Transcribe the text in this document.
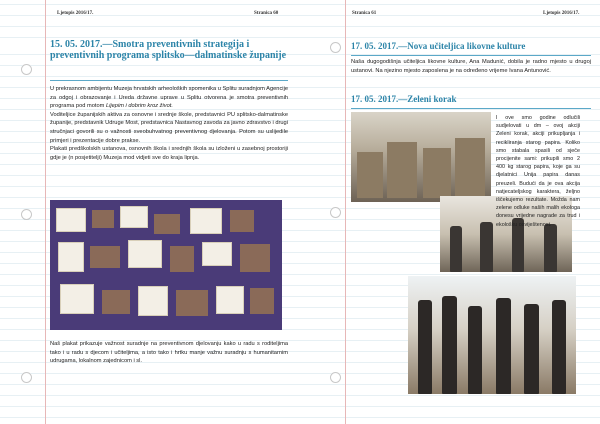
Ljetopis 2016/17.	Stranica 60
15. 05. 2017.—Smotra preventivnih strategija i preventivnih programa splitsko—dalmatinske županije

U prekrasnom ambijentu Muzeja hrvatskih arheoloških spomenika u Splitu suradnjom Agencije za odgoj i obrazovanje i Ureda državne uprave u Splitu otvorena je smotra preventivnih programa pod motom Lijepim i dobrim kroz život.

Voditeljice županijskih aktiva za osnovne i srednje škole, predstavnici PU splitsko-dalmatinske županije, predstavnik Udruge Most, predstavnica Nastavnog zavoda za javno zdravstvo i drugi stručnjaci govorili su o važnosti sveobuhvatnog preventivnog djelovanja. Potom su uslijedile primjeri i prezentacije dobre prakse.

Plakati predškolskih ustanova, osnovnih škola i srednjih škola su izloženi u zasebnoj prostoriji gdje je (n posjetitelji) Muzeja mod vidjeti sve do kraja lipnja.

Naš plakat prikazuje važnost suradnje na preventivnom djelovanju kako u radu s roditeljima tako i u radu s djecom i učiteljima, a isto tako i hrtku manje važnu suradnju s humanitarnim udrugama, lokalnom zajednicom i sl.
Stranica 61	Ljetopis 2016/17.
17. 05. 2017.—Nova učiteljica likovne kulture
Naša dugogodišnja učiteljica likovne kulture, Ana Madunić, dobila je radno mjesto u drugoj ustanovi. Na njezino mjesto zaposlena je na određeno vrijeme Ivana Antunović.
17. 05. 2017.—Zeleni korak
I ove smo godine odlučili sudjelovati u dm – ovoj akciji Zeleni korak, akciji prikupljanja i recikliranja starog papira. Koliko smo stabala spasili od sječe procijenite sami: prikupili smo 2 400 kg starog papira, koje ga su djelatnici Unija papira danas preuzeli. Budući da je ova akcija natjecateljskog karaktera, željno iščekujemo rezultate. Možda nam zelene odluke naših malih ekologa donesu vrijedne nagrade za trud i ekološku osviještenost.
